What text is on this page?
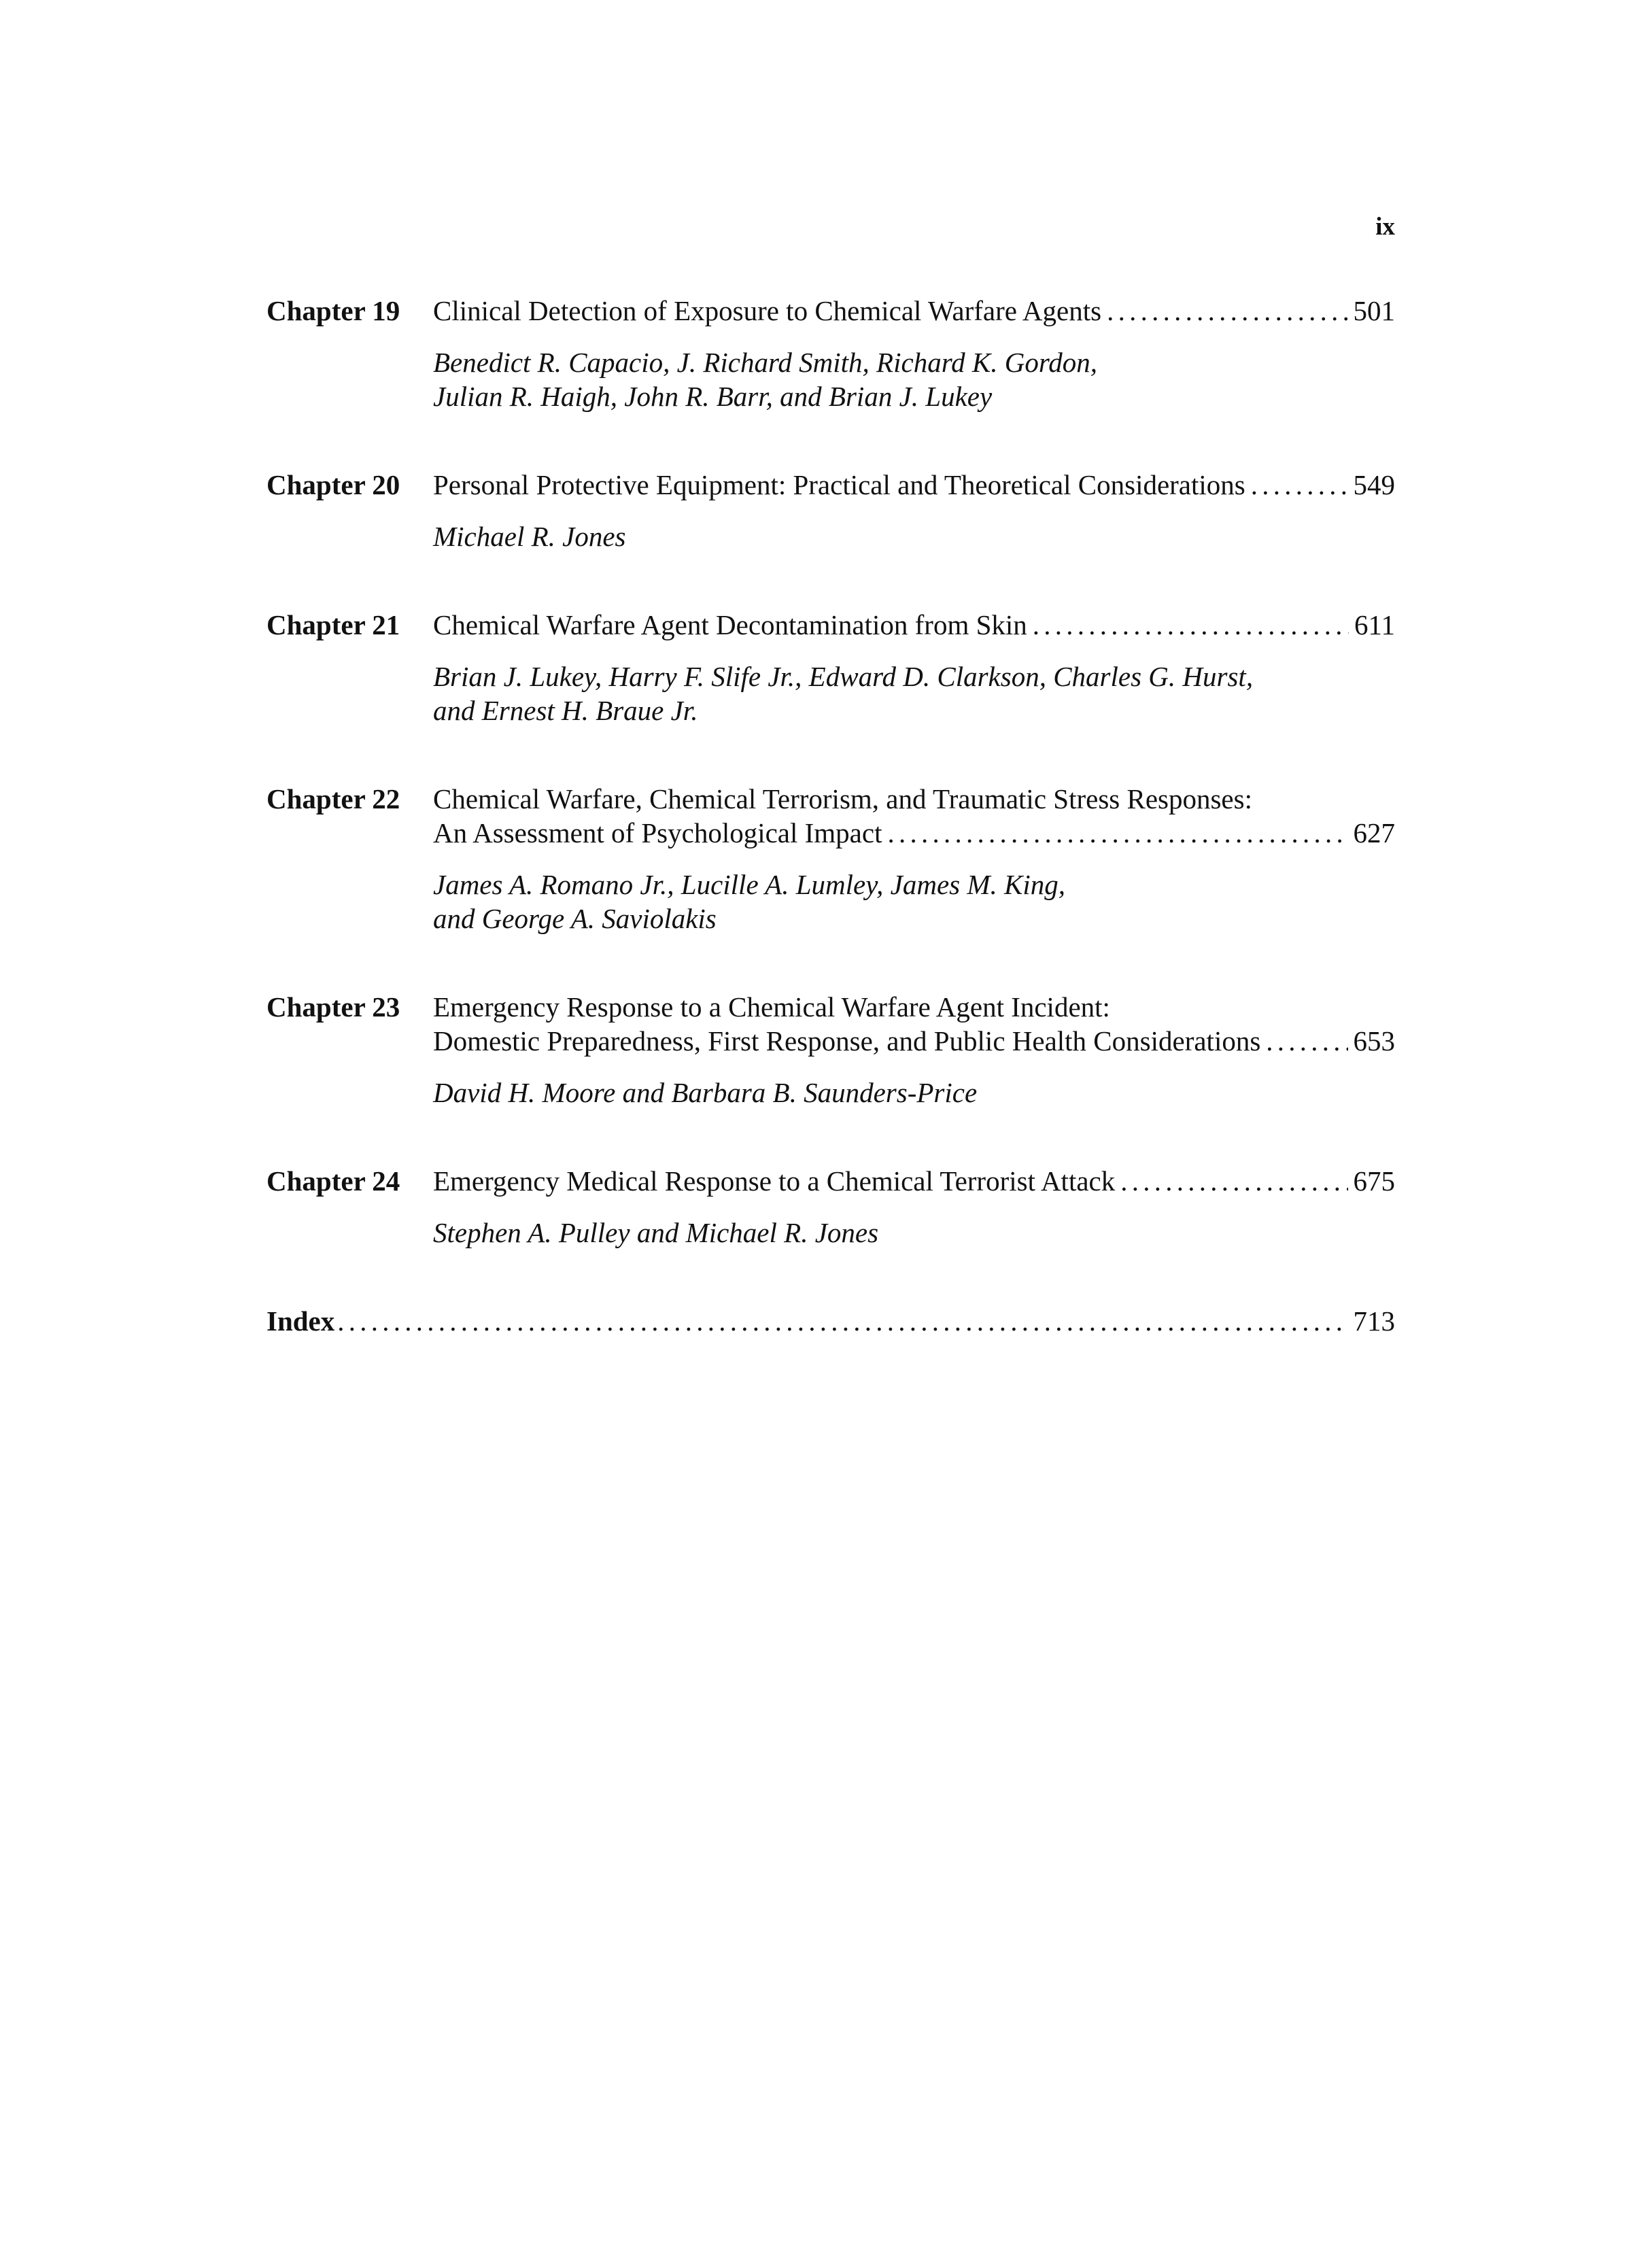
ix
Chapter 19 Clinical Detection of Exposure to Chemical Warfare Agents . . .	501
Benedict R. Capacio, J. Richard Smith, Richard K. Gordon,
Julian R. Haigh, John R. Barr, and Brian J. Lukey
Chapter 20 Personal Protective Equipment: Practical and Theoretical Considerations . . .	549
Michael R. Jones
Chapter 21 Chemical Warfare Agent Decontamination from Skin . . .	611
Brian J. Lukey, Harry F. Slife Jr., Edward D. Clarkson, Charles G. Hurst,
and Ernest H. Braue Jr.
Chapter 22 Chemical Warfare, Chemical Terrorism, and Traumatic Stress Responses:
An Assessment of Psychological Impact . . .	627
James A. Romano Jr., Lucille A. Lumley, James M. King,
and George A. Saviolakis
Chapter 23 Emergency Response to a Chemical Warfare Agent Incident:
Domestic Preparedness, First Response, and Public Health Considerations . . .	653
David H. Moore and Barbara B. Saunders-Price
Chapter 24 Emergency Medical Response to a Chemical Terrorist Attack . . .	675
Stephen A. Pulley and Michael R. Jones
Index . . .	713
